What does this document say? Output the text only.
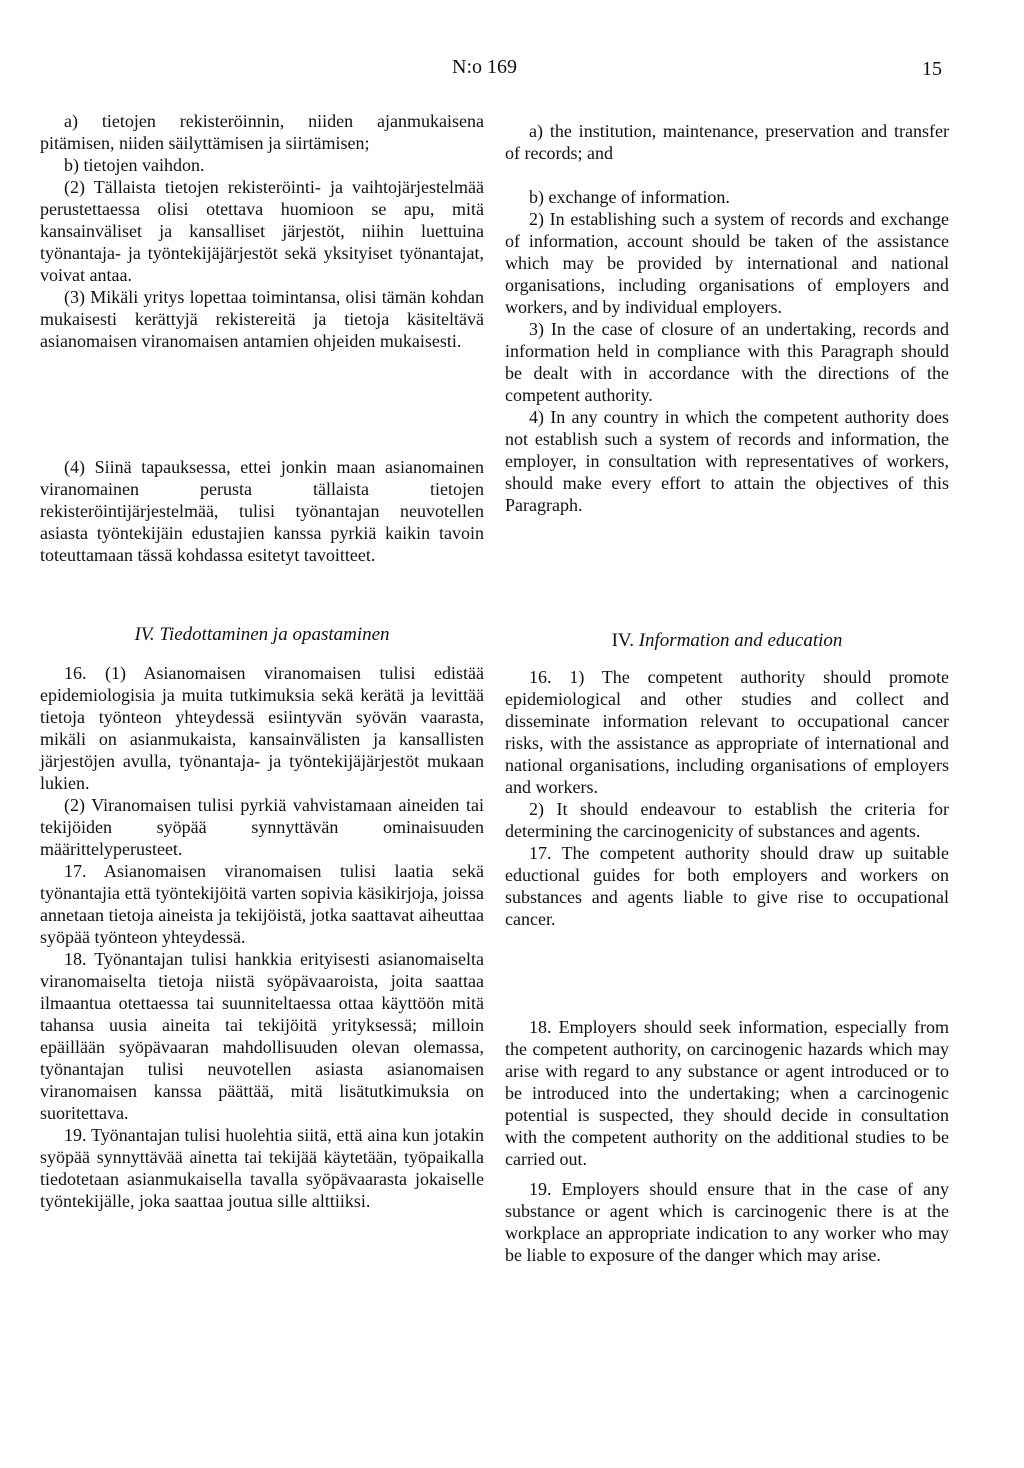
N:o 169	15

a) tietojen rekisteröinnin, niiden ajanmukaisena pitämisen, niiden säilyttämisen ja siirtämisen;

b) tietojen vaihdon.

(2) Tällaista tietojen rekisteröinti- ja vaihtojärjestelmää perustettaessa olisi otettava huomioon se apu, mitä kansainväliset ja kansalliset järjestöt, niihin luettuina työnantaja- ja työntekijäjärjestöt sekä yksityiset työnantajat, voivat antaa.

(3) Mikäli yritys lopettaa toimintansa, olisi tämän kohdan mukaisesti kerättyjä rekistereitä ja tietoja käsiteltävä asianomaisen viranomaisen antamien ohjeiden mukaisesti.

(4) Siinä tapauksessa, ettei jonkin maan asianomainen viranomainen perusta tällaista tietojen rekisteröintijärjestelmää, tulisi työnantajan neuvotellen asiasta työntekijäin edustajien kanssa pyrkiä kaikin tavoin toteuttamaan tässä kohdassa esitetyt tavoitteet.

IV. Tiedottaminen ja opastaminen

16. (1) Asianomaisen viranomaisen tulisi edistää epidemiologisia ja muita tutkimuksia sekä kerätä ja levittää tietoja työnteon yhteydessä esiintyvän syövän vaarasta, mikäli on asianmukaista, kansainvälisten ja kansallisten järjestöjen avulla, työnantaja- ja työntekijäjärjestöt mukaan lukien.

(2) Viranomaisen tulisi pyrkiä vahvistamaan aineiden tai tekijöiden syöpää synnyttävän ominaisuuden määrittelyperusteet.

17. Asianomaisen viranomaisen tulisi laatia sekä työnantajia että työntekijöitä varten sopivia käsikirjoja, joissa annetaan tietoja aineista ja tekijöistä, jotka saattavat aiheuttaa syöpää työnteon yhteydessä.

18. Työnantajan tulisi hankkia erityisesti asianomaiselta viranomaiselta tietoja niistä syöpävaaroista, joita saattaa ilmaantua otettaessa tai suunniteltaessa ottaa käyttöön mitä tahansa uusia aineita tai tekijöitä yrityksessä; milloin epäillään syöpävaaran mahdollisuuden olevan olemassa, työnantajan tulisi neuvotellen asiasta asianomaisen viranomaisen kanssa päättää, mitä lisätutkimuksia on suoritettava.

19. Työnantajan tulisi huolehtia siitä, että aina kun jotakin syöpää synnyttävää ainetta tai tekijää käytetään, työpaikalla tiedotetaan asianmukaisella tavalla syöpävaarasta jokaiselle työntekijälle, joka saattaa joutua sille alttiiksi.

a) the institution, maintenance, preservation and transfer of records; and

b) exchange of information.

2) In establishing such a system of records and exchange of information, account should be taken of the assistance which may be provided by international and national organisations, including organisations of employers and workers, and by individual employers.

3) In the case of closure of an undertaking, records and information held in compliance with this Paragraph should be dealt with in accordance with the directions of the competent authority.

4) In any country in which the competent authority does not establish such a system of records and information, the employer, in consultation with representatives of workers, should make every effort to attain the objectives of this Paragraph.

IV. Information and education

16. 1) The competent authority should promote epidemiological and other studies and collect and disseminate information relevant to occupational cancer risks, with the assistance as appropriate of international and national organisations, including organisations of employers and workers.

2) It should endeavour to establish the criteria for determining the carcinogenicity of substances and agents.

17. The competent authority should draw up suitable eductional guides for both employers and workers on substances and agents liable to give rise to occupational cancer.

18. Employers should seek information, especially from the competent authority, on carcinogenic hazards which may arise with regard to any substance or agent introduced or to be introduced into the undertaking; when a carcinogenic potential is suspected, they should decide in consultation with the competent authority on the additional studies to be carried out.

19. Employers should ensure that in the case of any substance or agent which is carcinogenic there is at the workplace an appropriate indication to any worker who may be liable to exposure of the danger which may arise.
